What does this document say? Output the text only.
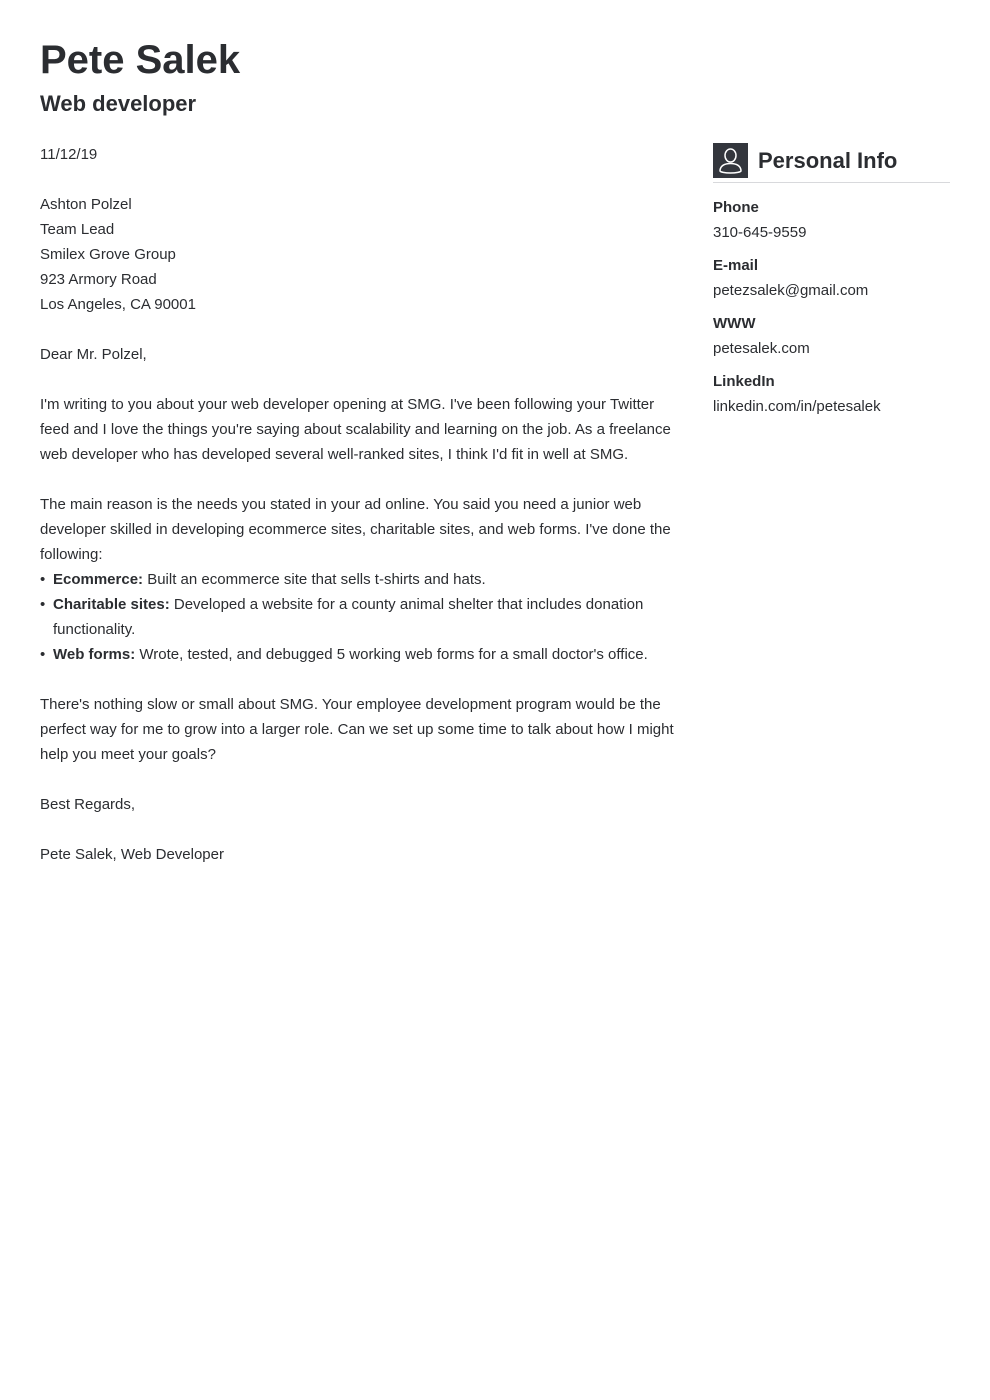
Pete Salek
Web developer

11/12/19

Ashton Polzel
Team Lead
Smilex Grove Group
923 Armory Road
Los Angeles, CA 90001

Dear Mr. Polzel,

I'm writing to you about your web developer opening at SMG. I've been following your Twitter feed and I love the things you're saying about scalability and learning on the job. As a freelance web developer who has developed several well-ranked sites, I think I'd fit in well at SMG.

The main reason is the needs you stated in your ad online. You said you need a junior web developer skilled in developing ecommerce sites, charitable sites, and web forms. I've done the following:

• Ecommerce: Built an ecommerce site that sells t-shirts and hats.
• Charitable sites: Developed a website for a county animal shelter that includes donation functionality.
• Web forms: Wrote, tested, and debugged 5 working web forms for a small doctor's office.

There's nothing slow or small about SMG. Your employee development program would be the perfect way for me to grow into a larger role. Can we set up some time to talk about how I might help you meet your goals?

Best Regards,

Pete Salek, Web Developer

Personal Info
Phone
310-645-9559
E-mail
petezsalek@gmail.com
WWW
petesalek.com
LinkedIn
linkedin.com/in/petesalek
